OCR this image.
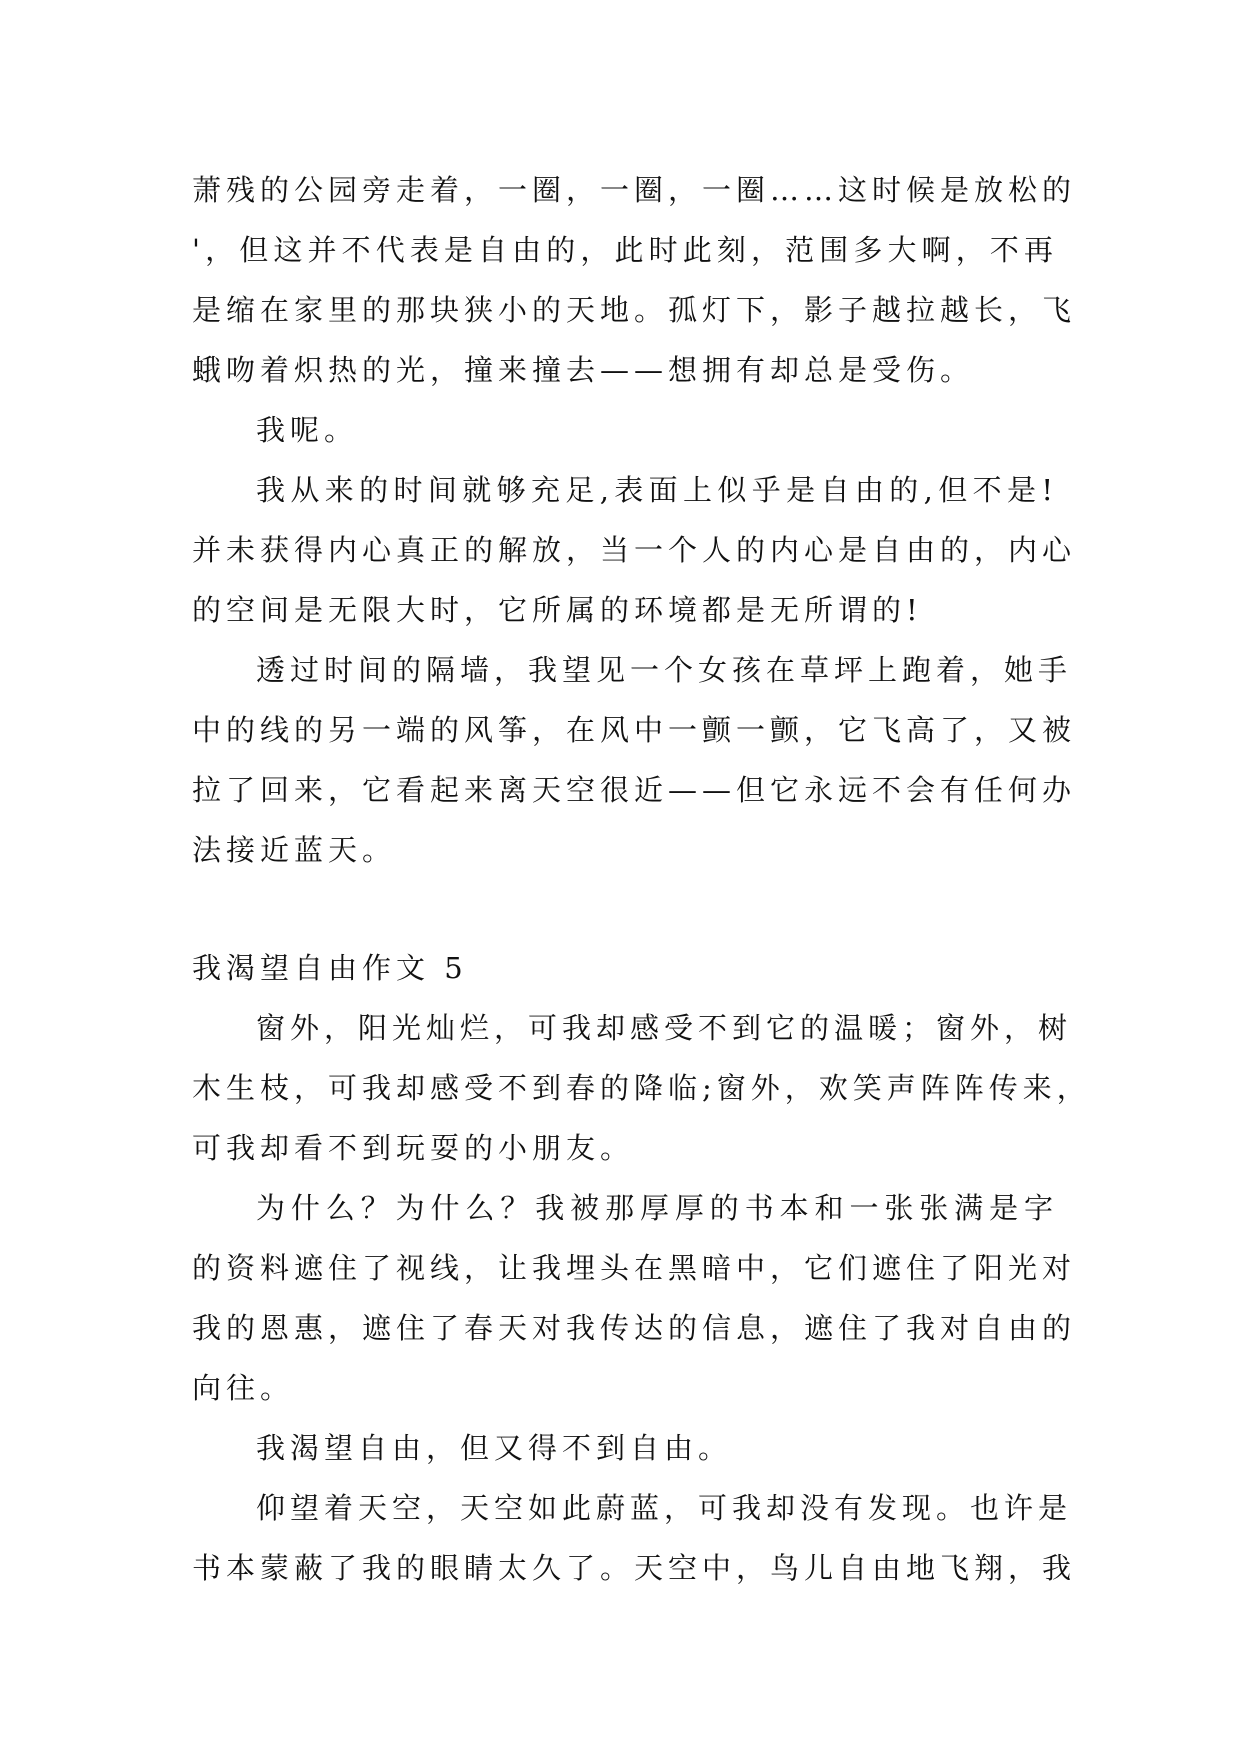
萧残的公园旁走着，一圈，一圈，一圈……这时候是放松的
'，但这并不代表是自由的，此时此刻，范围多大啊，不再
是缩在家里的那块狭小的天地。孤灯下，影子越拉越长，飞
蛾吻着炽热的光，撞来撞去——想拥有却总是受伤。
我呢。
我从来的时间就够充足,表面上似乎是自由的,但不是!
并未获得内心真正的解放，当一个人的内心是自由的，内心
的空间是无限大时，它所属的环境都是无所谓的!
透过时间的隔墙，我望见一个女孩在草坪上跑着，她手
中的线的另一端的风筝，在风中一颤一颤，它飞高了，又被
拉了回来，它看起来离天空很近——但它永远不会有任何办
法接近蓝天。
我渴望自由作文 5
窗外，阳光灿烂，可我却感受不到它的温暖；窗外，树
木生枝，可我却感受不到春的降临;窗外，欢笑声阵阵传来，
可我却看不到玩耍的小朋友。
为什么？为什么？我被那厚厚的书本和一张张满是字
的资料遮住了视线，让我埋头在黑暗中，它们遮住了阳光对
我的恩惠，遮住了春天对我传达的信息，遮住了我对自由的
向往。
我渴望自由，但又得不到自由。
仰望着天空，天空如此蔚蓝，可我却没有发现。也许是
书本蒙蔽了我的眼睛太久了。天空中，鸟儿自由地飞翔，我
